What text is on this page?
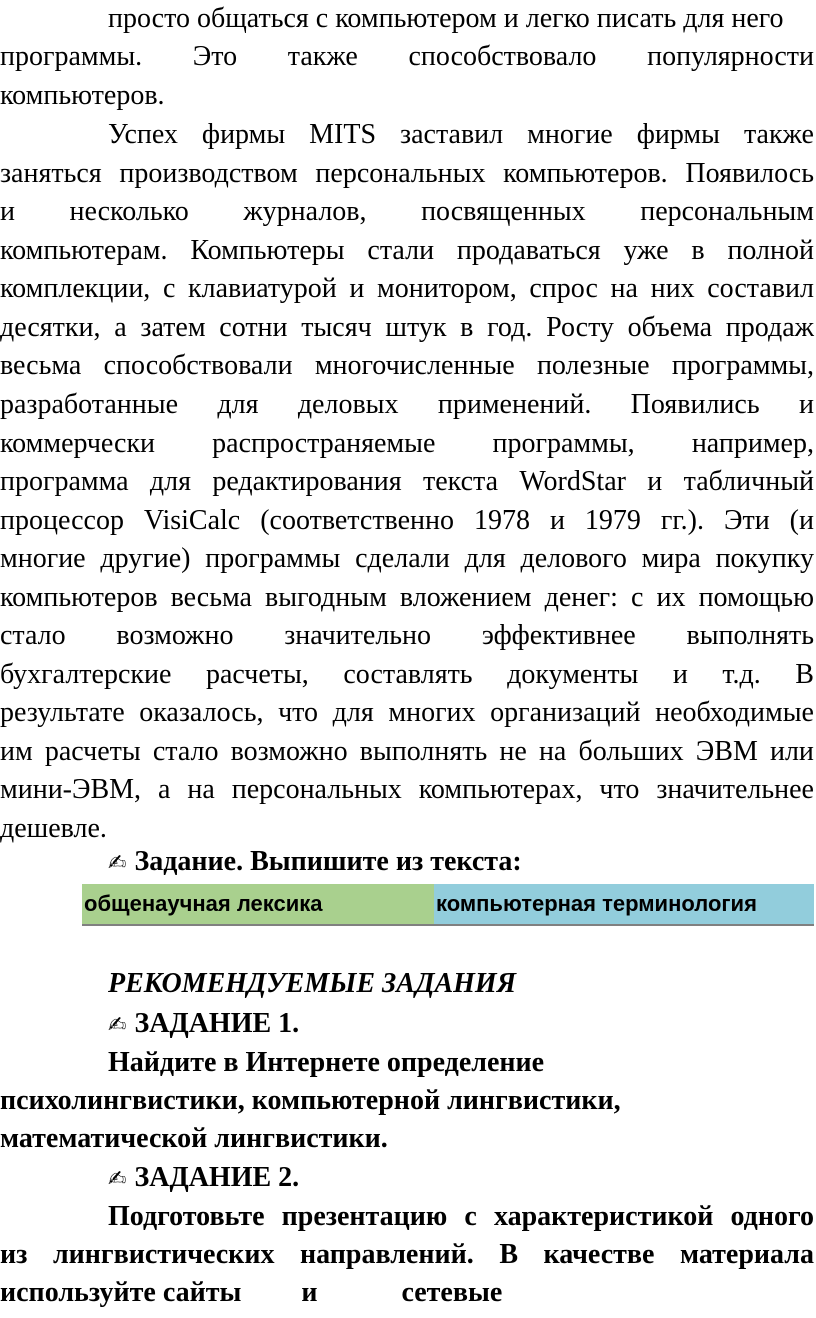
просто общаться с компьютером и легко писать для него
программы. Это также способствовало популярности
компьютеров.
Успех фирмы MITS заставил многие фирмы также
заняться производством персональных компьютеров. Появилось
и несколько журналов, посвященных персональным
компьютерам. Компьютеры стали продаваться уже в полной
комплекции, с клавиатурой и монитором, спрос на них составил
десятки, а затем сотни тысяч штук в год. Росту объема продаж
весьма способствовали многочисленные полезные программы,
разработанные для деловых применений. Появились и
коммерчески распространяемые программы, например,
программа для редактирования текста WordStar и табличный
процессор VisiCalc (соответственно 1978 и 1979 гг.). Эти (и
многие другие) программы сделали для делового мира покупку
компьютеров весьма выгодным вложением денег: с их помощью
стало возможно значительно эффективнее выполнять
бухгалтерские расчеты, составлять документы и т.д. В
результате оказалось, что для многих организаций необходимые
им расчеты стало возможно выполнять не на больших ЭВМ или
мини-ЭВМ, а на персональных компьютерах, что значительнее
дешевле.
✍ Задание. Выпишите из текста:
общенаучная лексика	компьютерная терминология
РЕКОМЕНДУЕМЫЕ ЗАДАНИЯ
✍ ЗАДАНИЕ 1.
Найдите в Интернете определение
психолингвистики, компьютерной лингвистики,
математической лингвистики.
✍ ЗАДАНИЕ 2.
Подготовьте презентацию с характеристикой одного
из лингвистических направлений. В качестве материала
используйте сайты и	сетевые
